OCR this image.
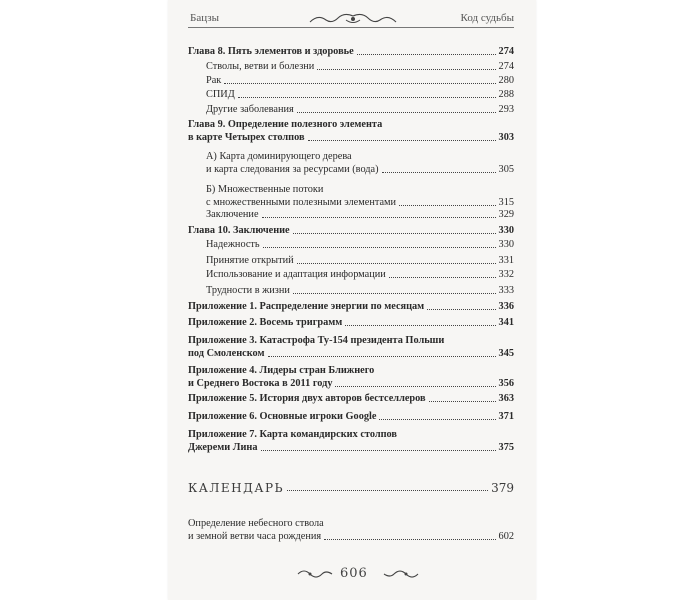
Бацзы	Код судьбы
Глава 8. Пять элементов и здоровье	274
Стволы, ветви и болезни	274
Рак	280
СПИД	288
Другие заболевания	293
Глава 9. Определение полезного элемента
в карте Четырех столпов	303
А) Карта доминирующего дерева
и карта следования за ресурсами (вода)	305
Б) Множественные потоки
с множественными полезными элементами	315
Заключение	329
Глава 10. Заключение	330
Надежность	330
Принятие открытий	331
Использование и адаптация информации	332
Трудности в жизни	333
Приложение 1. Распределение энергии по месяцам	336
Приложение 2. Восемь триграмм	341
Приложение 3. Катастрофа Ту-154 президента Польши
под Смоленском	345
Приложение 4. Лидеры стран Ближнего
и Среднего Востока в 2011 году	356
Приложение 5. История двух авторов бестселлеров	363
Приложение 6. Основные игроки Google	371
Приложение 7. Карта командирских столпов
Джереми Лина	375
КАЛЕНДАРЬ	379
Определение небесного ствола
и земной ветви часа рождения	602
606
